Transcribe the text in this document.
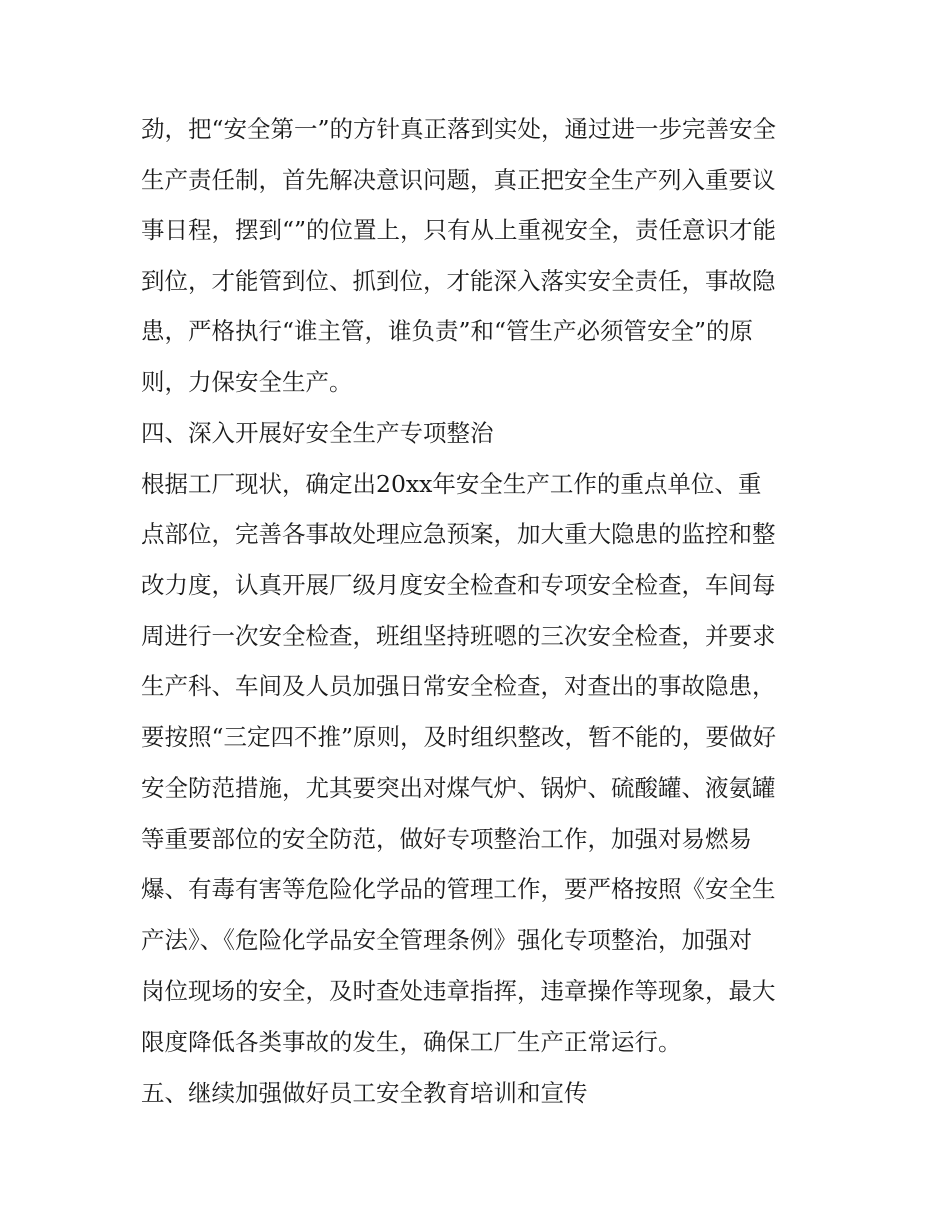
劲，把“安全第一”的方针真正落到实处，通过进一步完善安全
生产责任制，首先解决意识问题，真正把安全生产列入重要议
事日程，摆到“”的位置上，只有从上重视安全，责任意识才能
到位，才能管到位、抓到位，才能深入落实安全责任，事故隐
患，严格执行“谁主管，谁负责”和“管生产必须管安全”的原
则，力保安全生产。
四、深入开展好安全生产专项整治
根据工厂现状，确定出20xx年安全生产工作的重点单位、重
点部位，完善各事故处理应急预案，加大重大隐患的监控和整
改力度，认真开展厂级月度安全检查和专项安全检查，车间每
周进行一次安全检查，班组坚持班嗯的三次安全检查，并要求
生产科、车间及人员加强日常安全检查，对查出的事故隐患，
要按照“三定四不推”原则，及时组织整改，暂不能的，要做好
安全防范措施，尤其要突出对煤气炉、锅炉、硫酸罐、液氨罐
等重要部位的安全防范，做好专项整治工作，加强对易燃易
爆、有毒有害等危险化学品的管理工作，要严格按照《安全生
产法》、《危险化学品安全管理条例》强化专项整治，加强对
岗位现场的安全，及时查处违章指挥，违章操作等现象，最大
限度降低各类事故的发生，确保工厂生产正常运行。
五、继续加强做好员工安全教育培训和宣传
